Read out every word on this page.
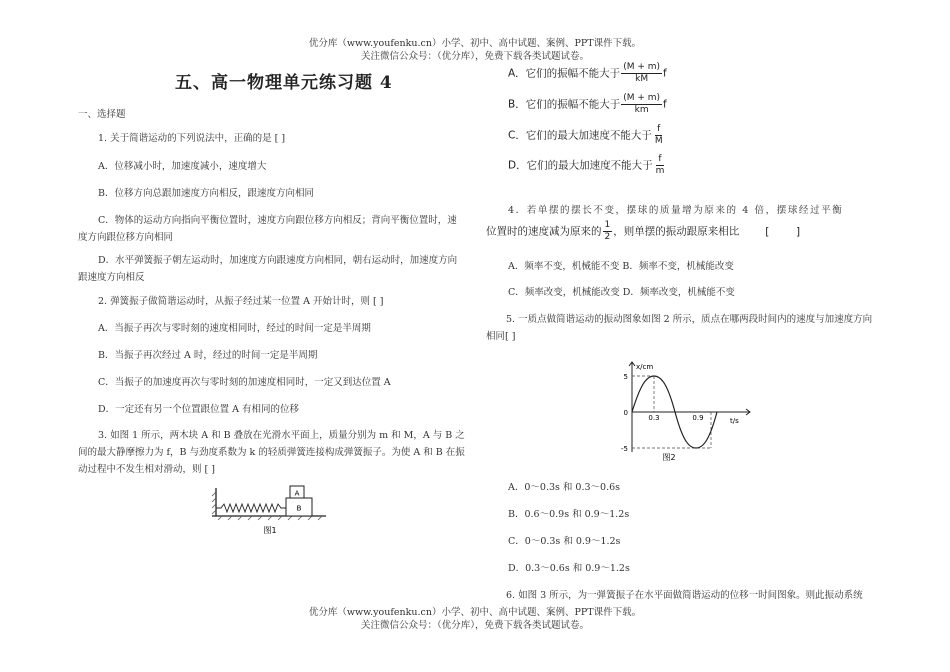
优分库（www.youfenku.cn）小学、初中、高中试题、案例、PPT课件下载。
关注微信公众号：（优分库），免费下载各类试题试卷。
五、高一物理单元练习题 4
一、选择题
1. 关于简谐运动的下列说法中，正确的是 [ ]
A．位移减小时，加速度减小，速度增大
B．位移方向总跟加速度方向相反，跟速度方向相同
C．物体的运动方向指向平衡位置时，速度方向跟位移方向相反；背向平衡位置时，速度方向跟位移方向相同
D．水平弹簧振子朝左运动时，加速度方向跟速度方向相同，朝右运动时，加速度方向跟速度方向相反
2. 弹簧振子做简谐运动时，从振子经过某一位置 A 开始计时，则 [ ]
A．当振子再次与零时刻的速度相同时，经过的时间一定是半周期
B．当振子再次经过 A 时，经过的时间一定是半周期
C．当振子的加速度再次与零时刻的加速度相同时，一定又到达位置 A
D．一定还有另一个位置跟位置 A 有相同的位移
3. 如图 1 所示，两木块 A 和 B 叠放在光滑水平面上，质量分别为 m 和 M，A 与 B 之间的最大静摩擦力为 f，B 与劲度系数为 k 的轻质弹簧连接构成弹簧振子。为使 A 和 B 在振动过程中不发生相对滑动，则 [ ]
A
B
图1
A．它们的振幅不能大于 $\frac{(M + m)}{kM}$ f
B．它们的振幅不能大于 $\frac{(M + m)}{km}$ f
C．它们的最大加速度不能大于 $\frac{f}{M}$
D．它们的最大加速度不能大于 $\frac{f}{m}$
4．若单摆的摆长不变，摆球的质量增为原来的 4 倍，摆球经过平衡
位置时的速度减为原来的 $\frac{1}{2}$ ，则单摆的振动跟原来相比 [        ]
A．频率不变，机械能不变 B．频率不变，机械能改变
C．频率改变，机械能改变 D．频率改变，机械能不变
5. 一质点做简谐运动的振动图象如图 2 所示，质点在哪两段时间内的速度与加速度方向相同[ ]
x/cm
t/s
5
-5
0
0.3	0.9
图2
A．0～0.3s 和 0.3～0.6s
B．0.6～0.9s 和 0.9～1.2s
C．0～0.3s 和 0.9～1.2s
D．0.3～0.6s 和 0.9～1.2s
6. 如图 3 所示，为一弹簧振子在水平面做简谐运动的位移一时间图象。则此振动系统
优分库（www.youfenku.cn）小学、初中、高中试题、案例、PPT课件下载。
关注微信公众号：（优分库），免费下载各类试题试卷。
